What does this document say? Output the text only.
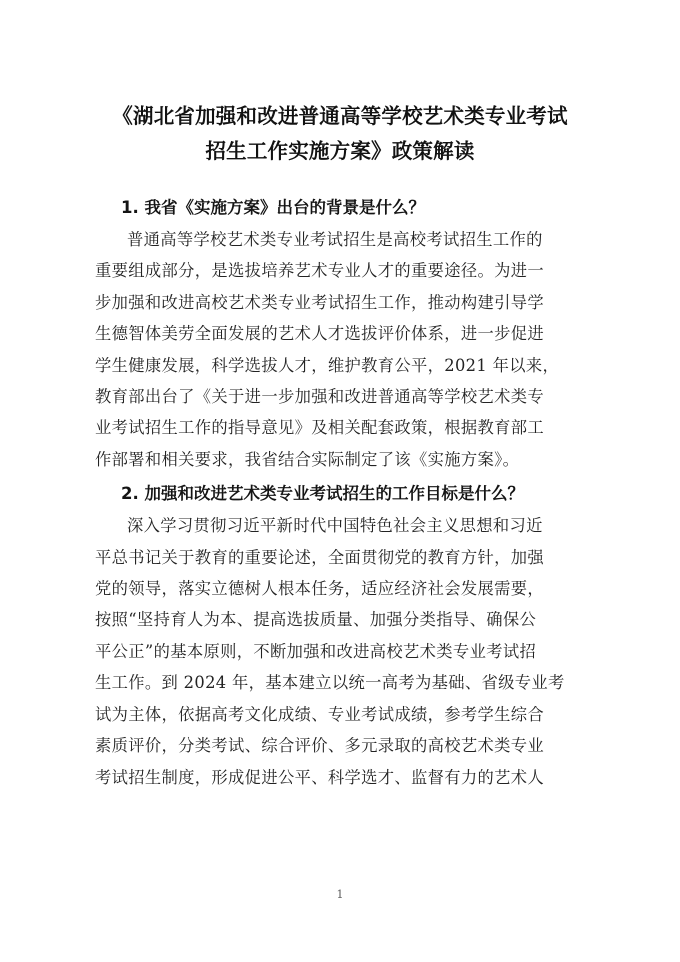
《湖北省加强和改进普通高等学校艺术类专业考试
招生工作实施方案》政策解读
1. 我省《实施方案》出台的背景是什么？

普通高等学校艺术类专业考试招生是高校考试招生工作的
重要组成部分，是选拔培养艺术专业人才的重要途径。为进一
步加强和改进高校艺术类专业考试招生工作，推动构建引导学
生德智体美劳全面发展的艺术人才选拔评价体系，进一步促进
学生健康发展，科学选拔人才，维护教育公平，2021 年以来，
教育部出台了《关于进一步加强和改进普通高等学校艺术类专
业考试招生工作的指导意见》及相关配套政策，根据教育部工
作部署和相关要求，我省结合实际制定了该《实施方案》。

2. 加强和改进艺术类专业考试招生的工作目标是什么？

深入学习贯彻习近平新时代中国特色社会主义思想和习近
平总书记关于教育的重要论述，全面贯彻党的教育方针，加强
党的领导，落实立德树人根本任务，适应经济社会发展需要，
按照“坚持育人为本、提高选拔质量、加强分类指导、确保公
平公正”的基本原则，不断加强和改进高校艺术类专业考试招
生工作。到 2024 年，基本建立以统一高考为基础、省级专业考
试为主体，依据高考文化成绩、专业考试成绩，参考学生综合
素质评价，分类考试、综合评价、多元录取的高校艺术类专业
考试招生制度，形成促进公平、科学选才、监督有力的艺术人

1
